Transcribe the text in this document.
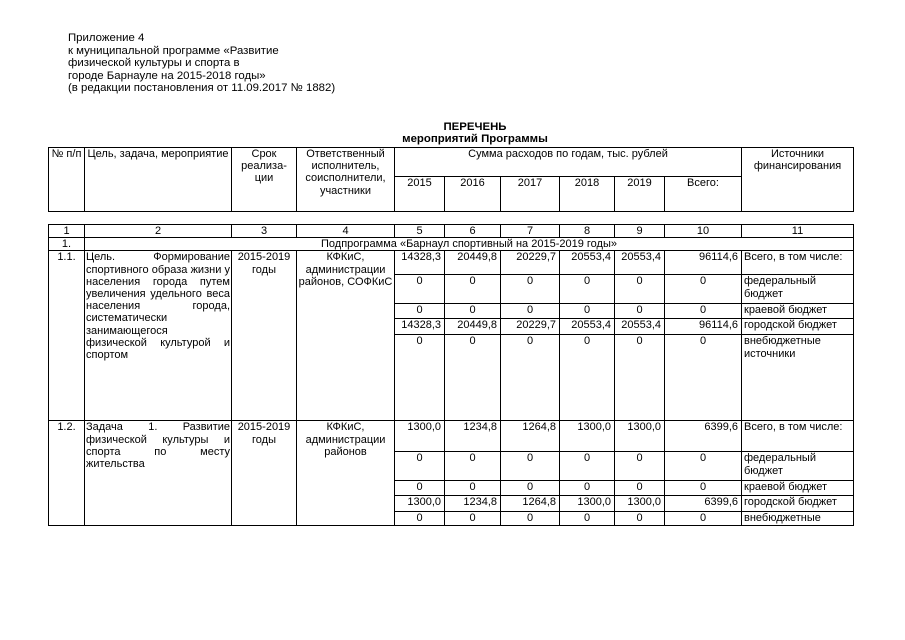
Приложение 4
к муниципальной программе «Развитие
физической культуры и спорта в
городе Барнауле на 2015-2018 годы»
(в редакции постановления от 11.09.2017 № 1882)
ПЕРЕЧЕНЬ
мероприятий Программы
№ п/п	Цель, задача, мероприятие	Срок реализа-ции	Ответственный исполнитель, соисполнители, участники	Сумма расходов по годам, тыс. рублей						Источники финансирования
				2015	2016	2017	2018	2019	Всего:	

1	2	3	4	5	6	7	8	9	10	11
1.	Подпрограмма «Барнаул спортивный на 2015-2019 годы»									
1.1.	Цель. Формирование спортивного образа жизни у населения города путем увеличения удельного веса населения города, систематически занимающегося физической культурой и спортом	2015-2019 годы	КФКиС, администрации районов, СОФКиС	14328,3	20449,8	20229,7	20553,4	20553,4	96114,6	Всего, в том числе:
				0	0	0	0	0	0	федеральный бюджет
				0	0	0	0	0	0	краевой бюджет
				14328,3	20449,8	20229,7	20553,4	20553,4	96114,6	городской бюджет
				0	0	0	0	0	0	внебюджетные источники
1.2.	Задача 1. Развитие физической культуры и спорта по месту жительства	2015-2019 годы	КФКиС, администрации районов	1300,0	1234,8	1264,8	1300,0	1300,0	6399,6	Всего, в том числе:
				0	0	0	0	0	0	федеральный бюджет
				0	0	0	0	0	0	краевой бюджет
				1300,0	1234,8	1264,8	1300,0	1300,0	6399,6	городской бюджет
				0	0	0	0	0	0	внебюджетные
